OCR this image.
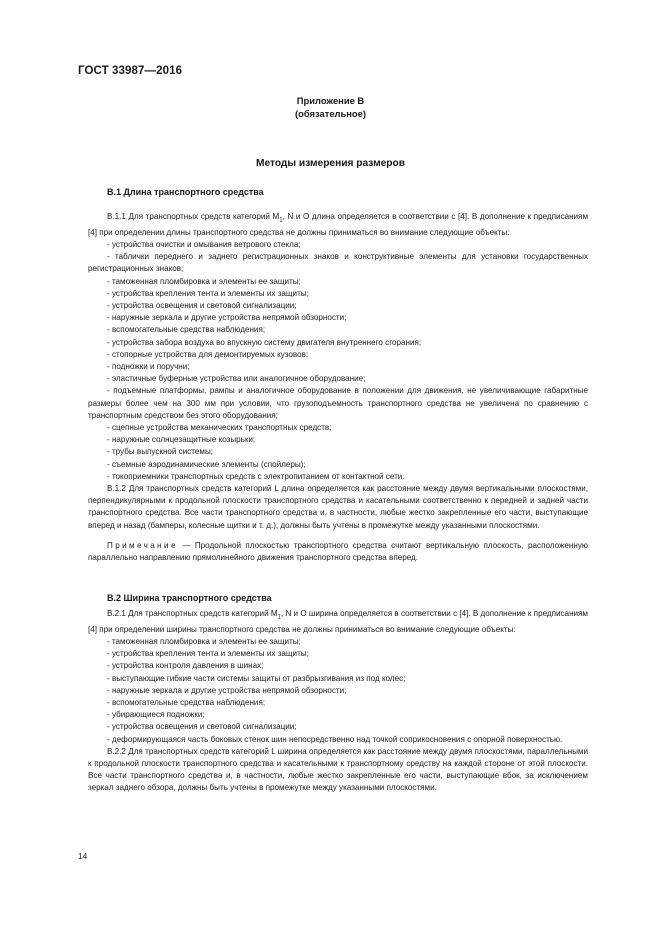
ГОСТ 33987—2016
Приложение В
(обязательное)
Методы измерения размеров
В.1 Длина транспортного средства

В.1.1 Для транспортных средств категорий $M_1$, N и O длина определяется в соответствии с [4]. В дополнение к предписаниям [4] при определении длины транспортного средства не должны приниматься во внимание следующие объекты:

- устройства очистки и омывания ветрового стекла;

- таблички переднего и заднего регистрационных знаков и конструктивные элементы для установки государственных регистрационных знаков;

- таможенная пломбировка и элементы ее защиты;

- устройства крепления тента и элементы их защиты;

- устройства освещения и световой сигнализации;

- наружные зеркала и другие устройства непрямой обзорности;

- вспомогательные средства наблюдения;

- устройства забора воздуха во впускную систему двигателя внутреннего сгорания;

- стопорные устройства для демонтируемых кузовов;

- подножки и поручни;

- эластичные буферные устройства или аналогичное оборудование;

- подъемные платформы, рампы и аналогичное оборудование в положении для движения, не увеличивающие габаритные размеры более чем на 300 мм при условии, что грузоподъемность транспортного средства не увеличена по сравнению с транспортным средством без этого оборудования;

- сцепные устройства механических транспортных средств;

- наружные солнцезащитные козырьки;

- трубы выпускной системы;

- съемные аэродинамические элементы (спойлеры);

- токоприемники транспортных средств с электропитанием от контактной сети.

В.1.2 Для транспортных средств категорий L длина определяется как расстояние между двумя вертикальными плоскостями, перпендикулярными к продольной плоскости транспортного средства и касательными соответственно к передней и задней части транспортного средства. Все части транспортного средства и, в частности, любые жестко закрепленные его части, выступающие вперед и назад (бамперы, колесные щитки и т. д.), должны быть учтены в промежутке между указанными плоскостями.

Примечание — Продольной плоскостью транспортного средства считают вертикальную плоскость, расположенную параллельно направлению прямолинейного движения транспортного средства вперед.

В.2 Ширина транспортного средства

В.2.1 Для транспортных средств категорий $M_1$, N и O ширина определяется в соответствии с [4]. В дополнение к предписаниям [4] при определении ширины транспортного средства не должны приниматься во внимание следующие объекты:

- таможенная пломбировка и элементы ее защиты;

- устройства крепления тента и элементы их защиты;

- устройства контроля давления в шинах;

- выступающие гибкие части системы защиты от разбрызгивания из под колес;

- наружные зеркала и другие устройства непрямой обзорности;

- вспомогательные средства наблюдения;

- убирающиеся подножки;

- устройства освещения и световой сигнализации;

- деформирующаяся часть боковых стенок шин непосредственно над точкой соприкосновения с опорной поверхностью.

В.2.2 Для транспортных средств категорий L ширина определяется как расстояние между двумя плоскостями, параллельными к продольной плоскости транспортного средства и касательными к транспортному средству на каждой стороне от этой плоскости. Все части транспортного средства и, в частности, любые жестко закрепленные его части, выступающие вбок, за исключением зеркал заднего обзора, должны быть учтены в промежутке между указанными плоскостями.

14
